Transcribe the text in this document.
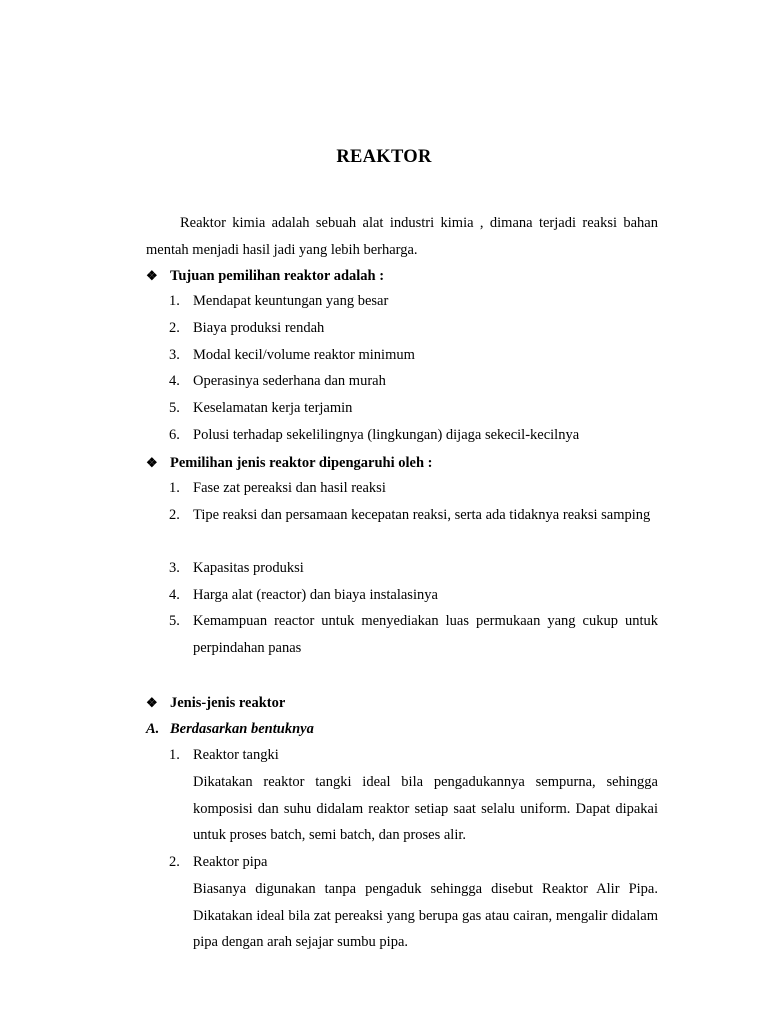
REAKTOR

Reaktor kimia adalah sebuah alat industri kimia , dimana terjadi reaksi bahan mentah menjadi hasil jadi yang lebih berharga.

❖ Tujuan pemilihan reaktor adalah :
1. Mendapat keuntungan yang besar
2. Biaya produksi rendah
3. Modal kecil/volume reaktor minimum
4. Operasinya sederhana dan murah
5. Keselamatan kerja terjamin
6. Polusi terhadap sekelilingnya (lingkungan) dijaga sekecil-kecilnya
❖ Pemilihan jenis reaktor dipengaruhi oleh :
1. Fase zat pereaksi dan hasil reaksi
2. Tipe reaksi dan persamaan kecepatan reaksi, serta ada tidaknya reaksi samping
3. Kapasitas produksi
4. Harga alat (reactor) dan biaya instalasinya
5. Kemampuan reactor untuk menyediakan luas permukaan yang cukup untuk perpindahan panas
❖ Jenis-jenis reaktor
A. Berdasarkan bentuknya
1. Reaktor tangki

Dikatakan reaktor tangki ideal bila pengadukannya sempurna, sehingga komposisi dan suhu didalam reaktor setiap saat selalu uniform. Dapat dipakai untuk proses batch, semi batch, dan proses alir.

2. Reaktor pipa

Biasanya digunakan tanpa pengaduk sehingga disebut Reaktor Alir Pipa. Dikatakan ideal bila zat pereaksi yang berupa gas atau cairan, mengalir didalam pipa dengan arah sejajar sumbu pipa.
